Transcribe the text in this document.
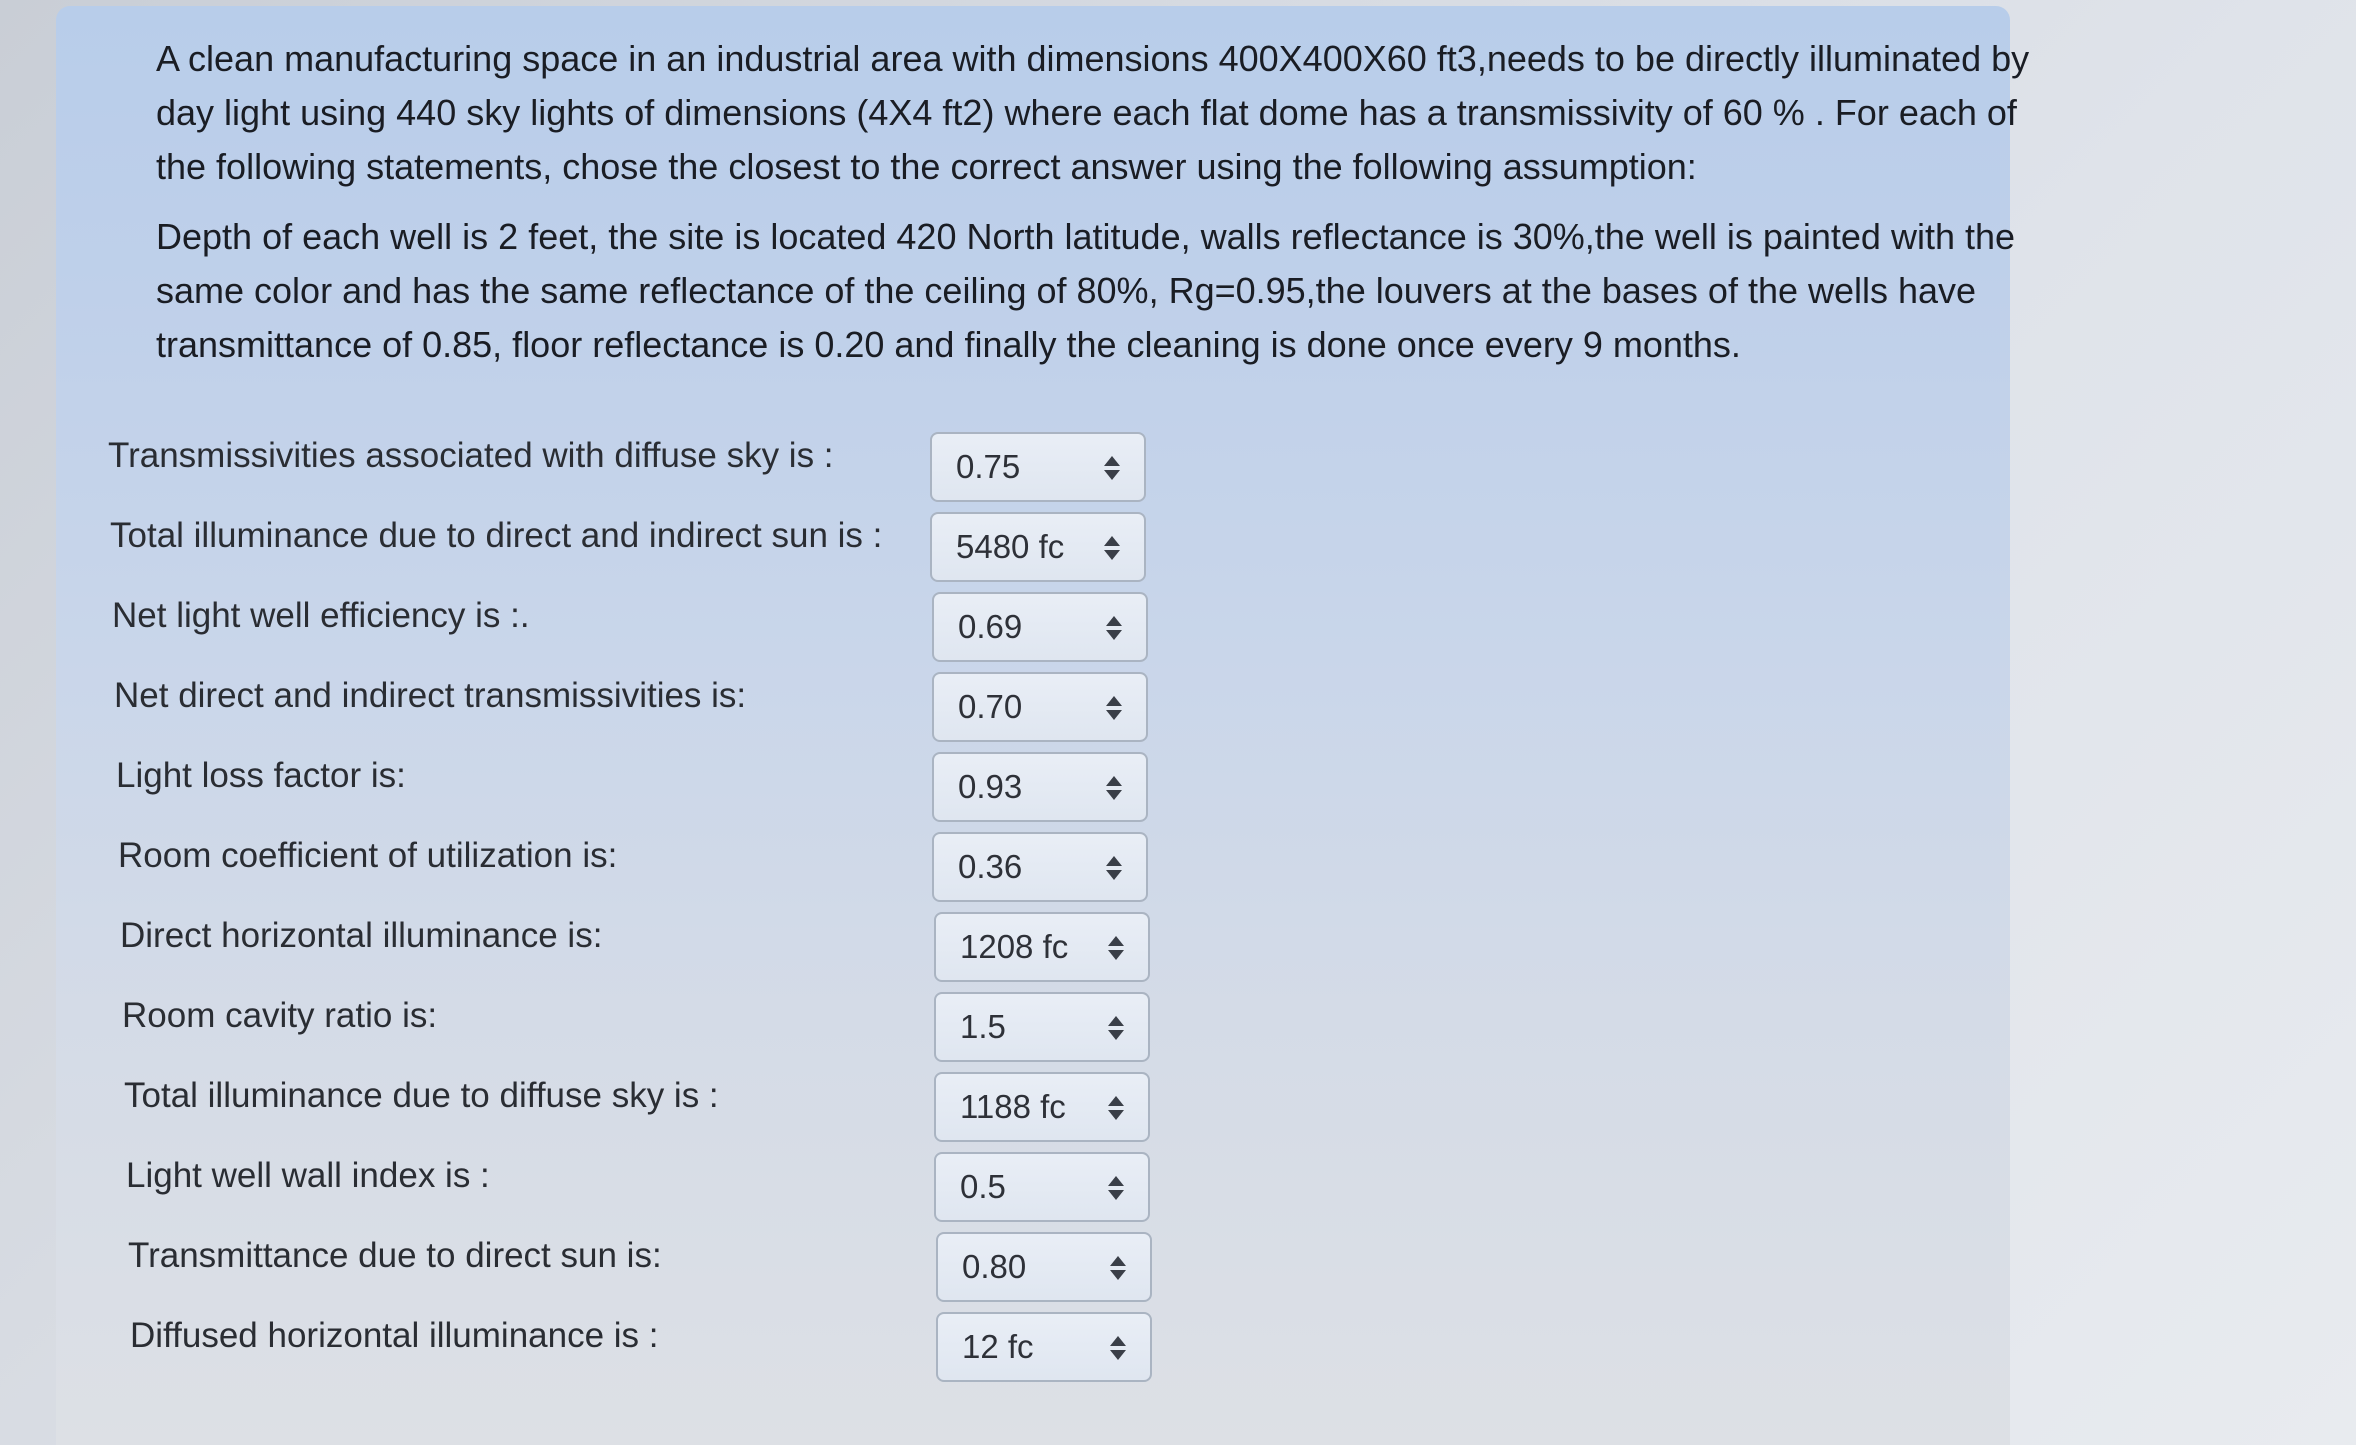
A clean manufacturing space in an industrial area with dimensions 400X400X60 ft3,needs to be directly illuminated by day light using 440 sky lights of dimensions (4X4 ft2) where each flat dome has a transmissivity of 60 % . For each of the following statements, chose the closest to the correct answer using the following assumption:

Depth of each well is 2 feet, the site is located 420 North latitude, walls reflectance is 30%,the well is painted with the same color and has the same reflectance of the ceiling of 80%, Rg=0.95,the louvers at the bases of the wells have transmittance of 0.85, floor reflectance is 0.20 and finally the cleaning is done once every 9 months.

Transmissivities associated with diffuse sky is :	0.75
Total illuminance due to direct and indirect sun is : 5480 fc
Net light well efficiency is :.	0.69
Net direct and indirect transmissivities is:	0.70
Light loss factor is:	0.93
Room coefficient of utilization is:	0.36
Direct horizontal illuminance is:	1208 fc
Room cavity ratio is:	1.5
Total illuminance due to diffuse sky is :	1188 fc
Light well wall index is :	0.5
Transmittance due to direct sun is:	0.80
Diffused horizontal illuminance is :	12 fc
